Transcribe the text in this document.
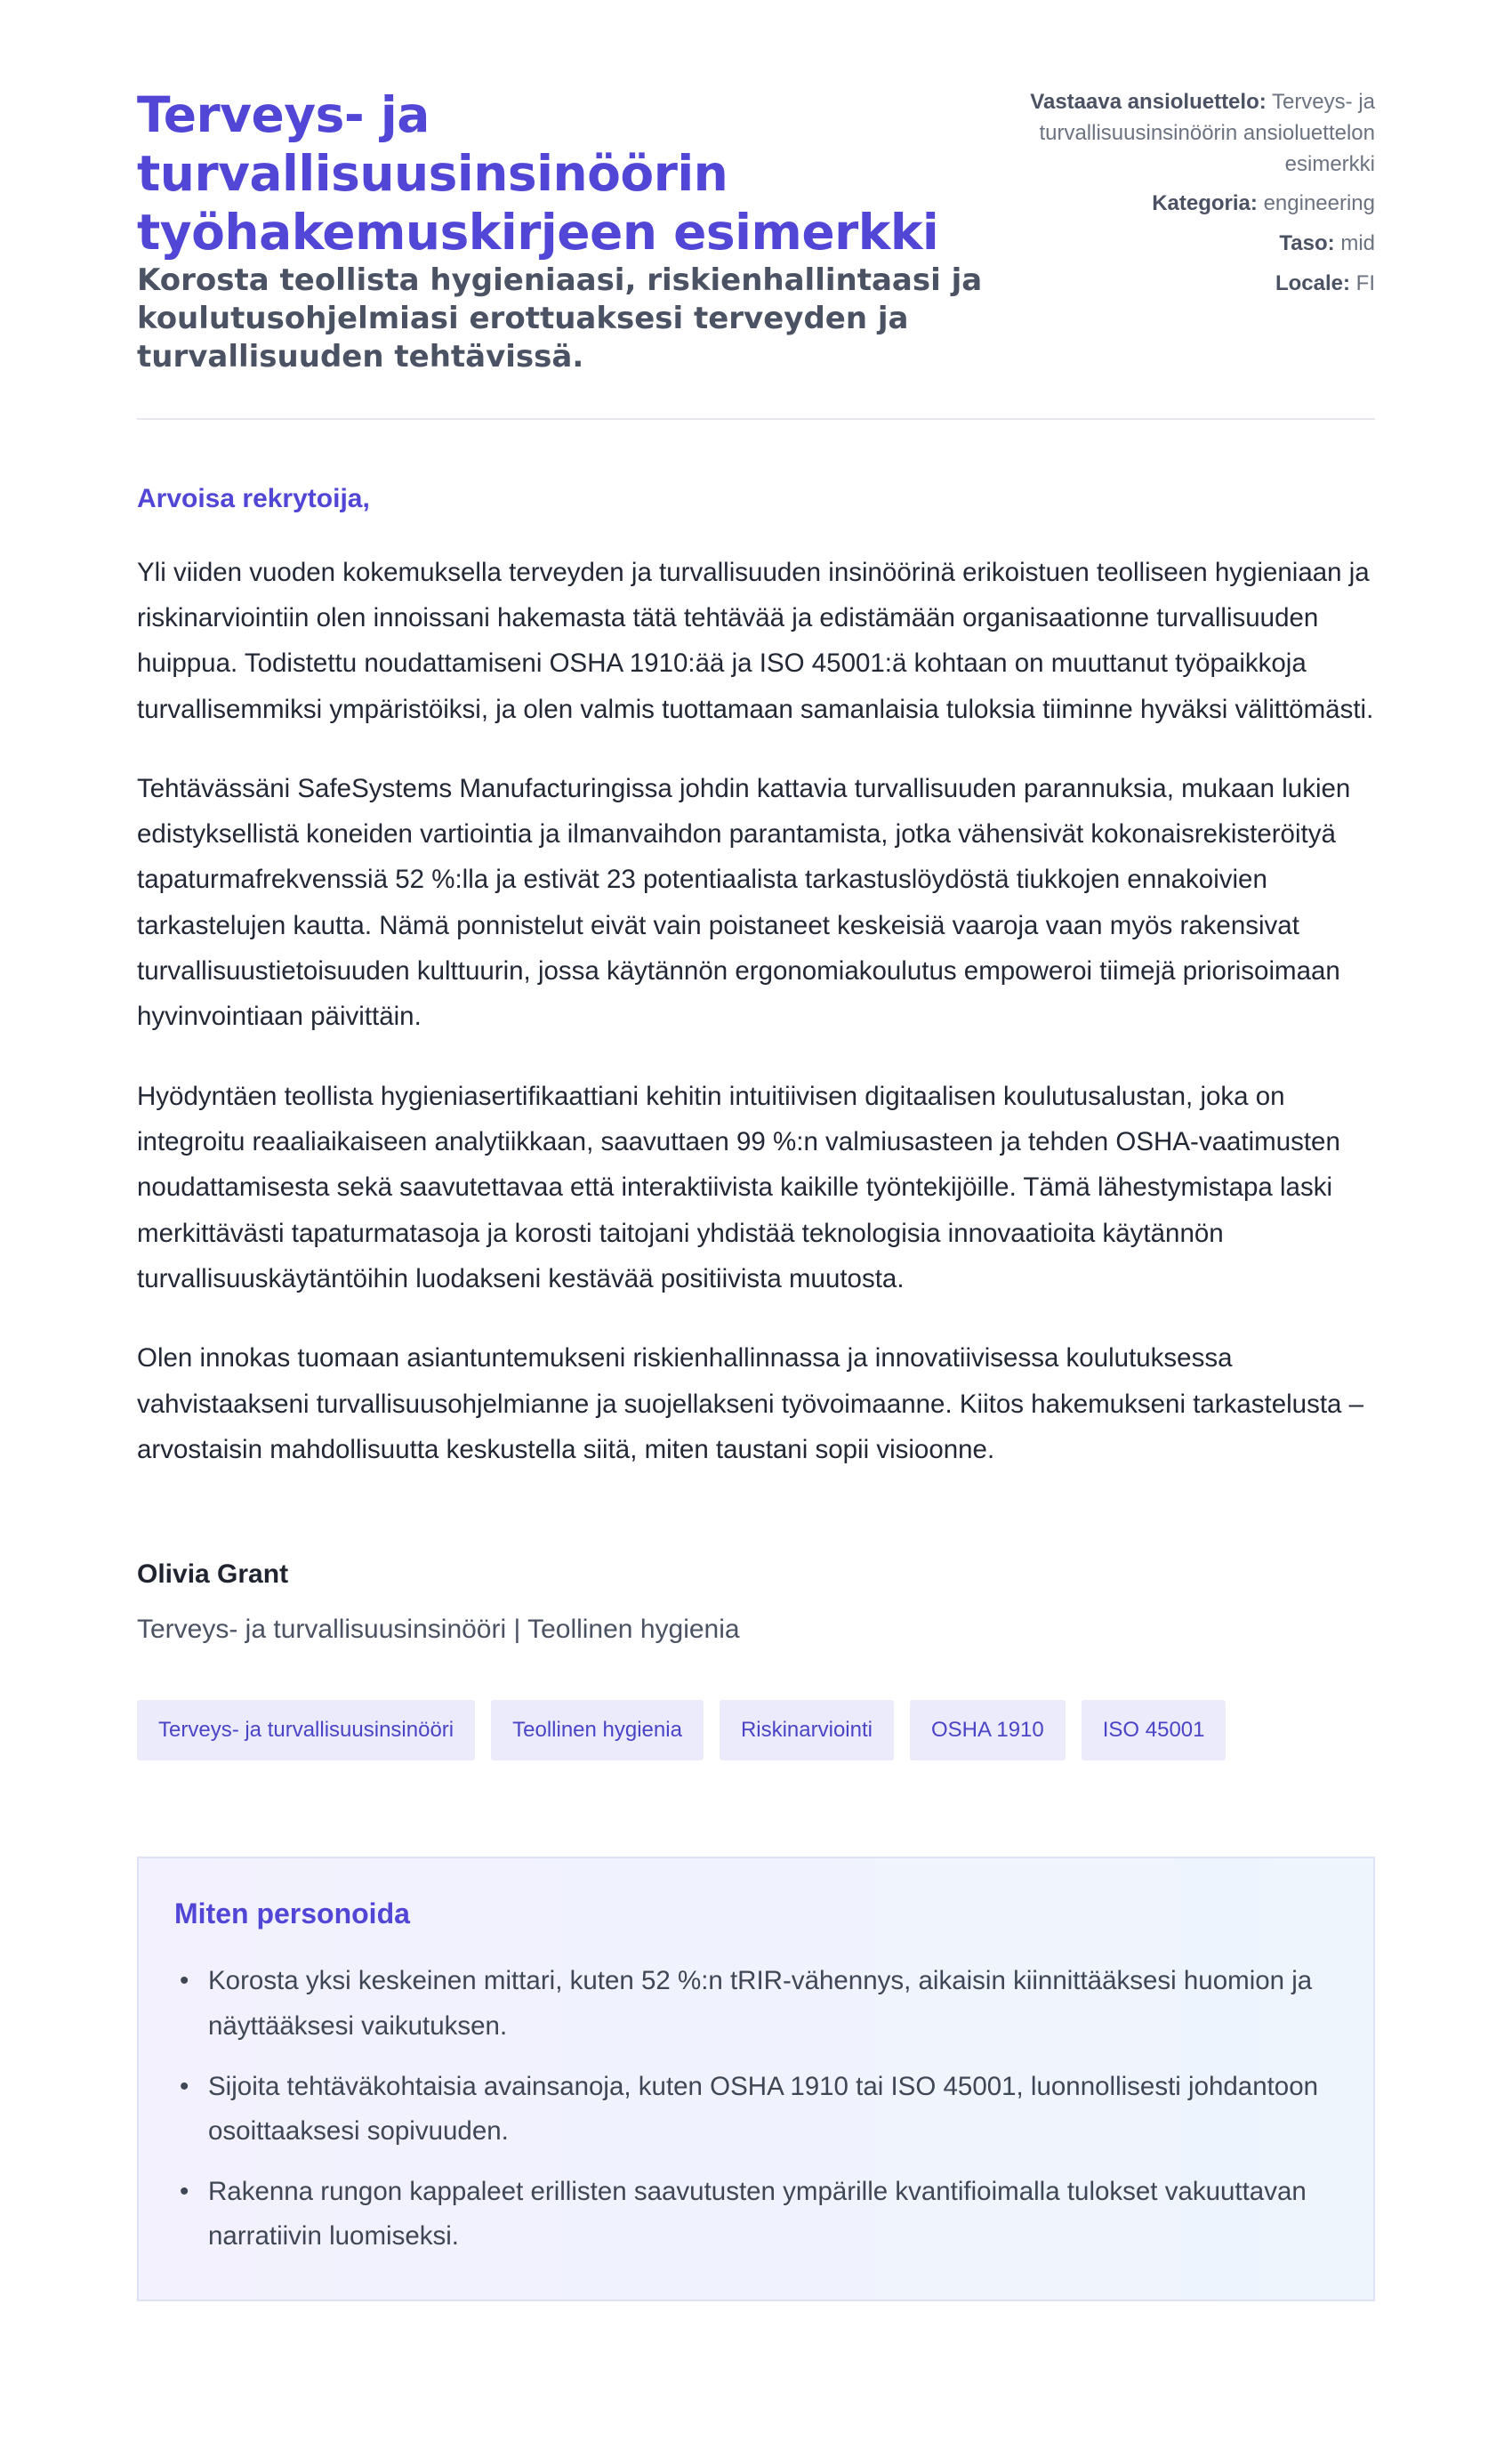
Terveys- ja turvallisuusinsinöörin työhakemuskirjeen esimerkki

Korosta teollista hygieniaasi, riskienhallintaasi ja koulutusohjelmiasi erottuaksesi terveyden ja turvallisuuden tehtävissä.

Vastaava ansioluettelo: Terveys- ja turvallisuusinsinöörin ansioluettelon esimerkki
Kategoria: engineering
Taso: mid
Locale: FI

Arvoisa rekrytoija,

Yli viiden vuoden kokemuksella terveyden ja turvallisuuden insinöörinä erikoistuen teolliseen hygieniaan ja riskinarviointiin olen innoissani hakemasta tätä tehtävää ja edistämään organisaationne turvallisuuden huippua. Todistettu noudattamiseni OSHA 1910:ää ja ISO 45001:ä kohtaan on muuttanut työpaikkoja turvallisemmiksi ympäristöiksi, ja olen valmis tuottamaan samanlaisia tuloksia tiiminne hyväksi välittömästi.

Tehtävässäni SafeSystems Manufacturingissa johdin kattavia turvallisuuden parannuksia, mukaan lukien edistyksellistä koneiden vartiointia ja ilmanvaihdon parantamista, jotka vähensivät kokonaisrekisteröityä tapaturmafrekvenssiä 52 %:lla ja estivät 23 potentiaalista tarkastuslöydöstä tiukkojen ennakoivien tarkastelujen kautta. Nämä ponnistelut eivät vain poistaneet keskeisiä vaaroja vaan myös rakensivat turvallisuustietoisuuden kulttuurin, jossa käytännön ergonomiakoulutus empoweroi tiimejä priorisoimaan hyvinvointiaan päivittäin.

Hyödyntäen teollista hygieniasertifikaattiani kehitin intuitiivisen digitaalisen koulutusalustan, joka on integroitu reaaliaikaiseen analytiikkaan, saavuttaen 99 %:n valmiusasteen ja tehden OSHA-vaatimusten noudattamisesta sekä saavutettavaa että interaktiivista kaikille työntekijöille. Tämä lähestymistapa laski merkittävästi tapaturmatasoja ja korosti taitojani yhdistää teknologisia innovaatioita käytännön turvallisuuskäytäntöihin luodakseni kestävää positiivista muutosta.

Olen innokas tuomaan asiantuntemukseni riskienhallinnassa ja innovatiivisessa koulutuksessa vahvistaakseni turvallisuusohjelmianne ja suojellakseni työvoimaanne. Kiitos hakemukseni tarkastelusta – arvostaisin mahdollisuutta keskustella siitä, miten taustani sopii visioonne.

Olivia Grant

Terveys- ja turvallisuusinsinööri | Teollinen hygienia

Terveys- ja turvallisuusinsinööri	Teollinen hygienia	Riskinarviointi	OSHA 1910	ISO 45001
Miten personoida
• Korosta yksi keskeinen mittari, kuten 52 %:n tRIR-vähennys, aikaisin kiinnittääksesi huomion ja näyttääksesi vaikutuksen.
• Sijoita tehtäväkohtaisia avainsanoja, kuten OSHA 1910 tai ISO 45001, luonnollisesti johdantoon osoittaaksesi sopivuuden.
• Rakenna rungon kappaleet erillisten saavutusten ympärille kvantifioimalla tulokset vakuuttavan narratiivin luomiseksi.
